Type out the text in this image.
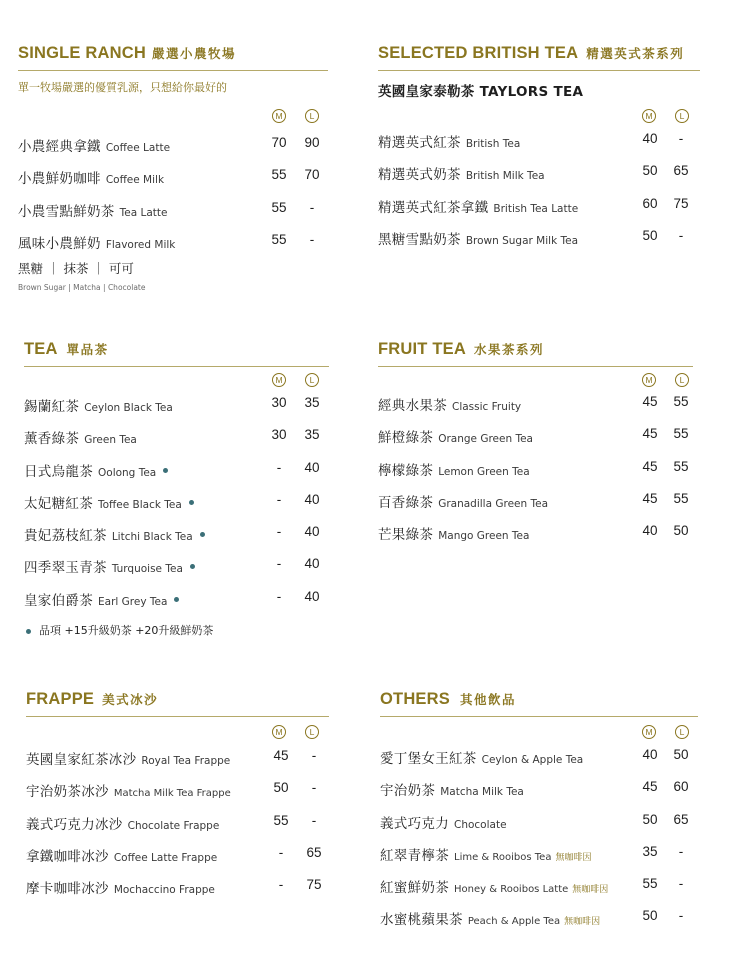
SINGLE RANCH 嚴選小農牧場
單一牧場嚴選的優質乳源，只想給你最好的
M	L
小農經典拿鐵 Coffee Latte	70	90
小農鮮奶咖啡 Coffee Milk	55	70
小農雪點鮮奶茶 Tea Latte	55	-
風味小農鮮奶 Flavored Milk	55	-
黑糖 ｜ 抹茶 ｜ 可可
Brown Sugar | Matcha | Chocolate
SELECTED BRITISH TEA 精選英式茶系列
英國皇家泰勒茶 TAYLORS TEA
M	L
精選英式紅茶 British Tea	40	-
精選英式奶茶 British Milk Tea	50	65
精選英式紅茶拿鐵 British Tea Latte	60	75
黑糖雪點奶茶 Brown Sugar Milk Tea	50	-
TEA 單品茶
M	L
錫蘭紅茶 Ceylon Black Tea	30	35
薰香綠茶 Green Tea	30	35
日式烏龍茶 Oolong Tea	-	40
太妃糖紅茶 Toffee Black Tea	-	40
貴妃荔枝紅茶 Litchi Black Tea	-	40
四季翠玉青茶 Turquoise Tea	-	40
皇家伯爵茶 Earl Grey Tea	-	40
品項 +15升級奶茶 +20升級鮮奶茶
FRUIT TEA 水果茶系列
M	L
經典水果茶 Classic Fruity	45	55
鮮橙綠茶 Orange Green Tea	45	55
檸檬綠茶 Lemon Green Tea	45	55
百香綠茶 Granadilla Green Tea	45	55
芒果綠茶 Mango Green Tea	40	50
FRAPPE 美式冰沙
M	L
英國皇家紅茶冰沙 Royal Tea Frappe	45	-
宇治奶茶冰沙 Matcha Milk Tea Frappe	50	-
義式巧克力冰沙 Chocolate Frappe	55	-
拿鐵咖啡冰沙 Coffee Latte Frappe	-	65
摩卡咖啡冰沙 Mochaccino Frappe	-	75
OTHERS 其他飲品
M	L
愛丁堡女王紅茶 Ceylon & Apple Tea	40	50
宇治奶茶 Matcha Milk Tea	45	60
義式巧克力 Chocolate	50	65
紅翠青檸茶 Lime & Rooibos Tea 無咖啡因	35	-
紅蜜鮮奶茶 Honey & Rooibos Latte 無咖啡因	55	-
水蜜桃蘋果茶 Peach & Apple Tea 無咖啡因	50	-
